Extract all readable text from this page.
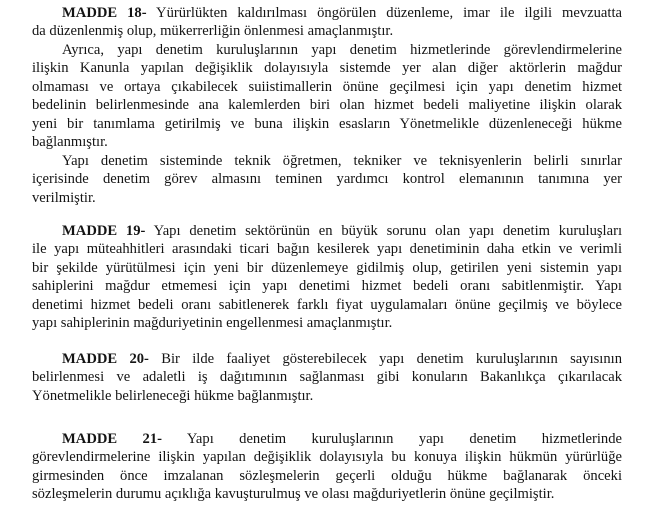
MADDE 18- Yürürlükten kaldırılması öngörülen düzenleme, imar ile ilgili mevzuatta
da düzenlenmiş olup, mükerrerliğin önlenmesi amaçlanmıştır.
Ayrıca, yapı denetim kuruluşlarının yapı denetim hizmetlerinde görevlendirmelerine
ilişkin Kanunla yapılan değişiklik dolayısıyla sistemde yer alan diğer aktörlerin mağdur
olmaması ve ortaya çıkabilecek suiistimallerin önüne geçilmesi için yapı denetim hizmet
bedelinin belirlenmesinde ana kalemlerden biri olan hizmet bedeli maliyetine ilişkin olarak
yeni bir tanımlama getirilmiş ve buna ilişkin esasların Yönetmelikle düzenleneceği hükme
bağlanmıştır.
Yapı denetim sisteminde teknik öğretmen, tekniker ve teknisyenlerin belirli sınırlar
içerisinde denetim görev almasını teminen yardımcı kontrol elemanının tanımına yer
verilmiştir.
MADDE 19- Yapı denetim sektörünün en büyük sorunu olan yapı denetim kuruluşları
ile yapı müteahhitleri arasındaki ticari bağın kesilerek yapı denetiminin daha etkin ve verimli
bir şekilde yürütülmesi için yeni bir düzenlemeye gidilmiş olup, getirilen yeni sistemin yapı
sahiplerini mağdur etmemesi için yapı denetimi hizmet bedeli oranı sabitlenmiştir. Yapı
denetimi hizmet bedeli oranı sabitlenerek farklı fiyat uygulamaları önüne geçilmiş ve böylece
yapı sahiplerinin mağduriyetinin engellenmesi amaçlanmıştır.
MADDE 20- Bir ilde faaliyet gösterebilecek yapı denetim kuruluşlarının sayısının
belirlenmesi ve adaletli iş dağıtımının sağlanması gibi konuların Bakanlıkça çıkarılacak
Yönetmelikle belirleneceği hükme bağlanmıştır.
MADDE 21- Yapı denetim kuruluşlarının yapı denetim hizmetlerinde
görevlendirmelerine ilişkin yapılan değişiklik dolayısıyla bu konuya ilişkin hükmün yürürlüğe
girmesinden önce imzalanan sözleşmelerin geçerli olduğu hükme bağlanarak önceki
sözleşmelerin durumu açıklığa kavuşturulmuş ve olası mağduriyetlerin önüne geçilmiştir.
